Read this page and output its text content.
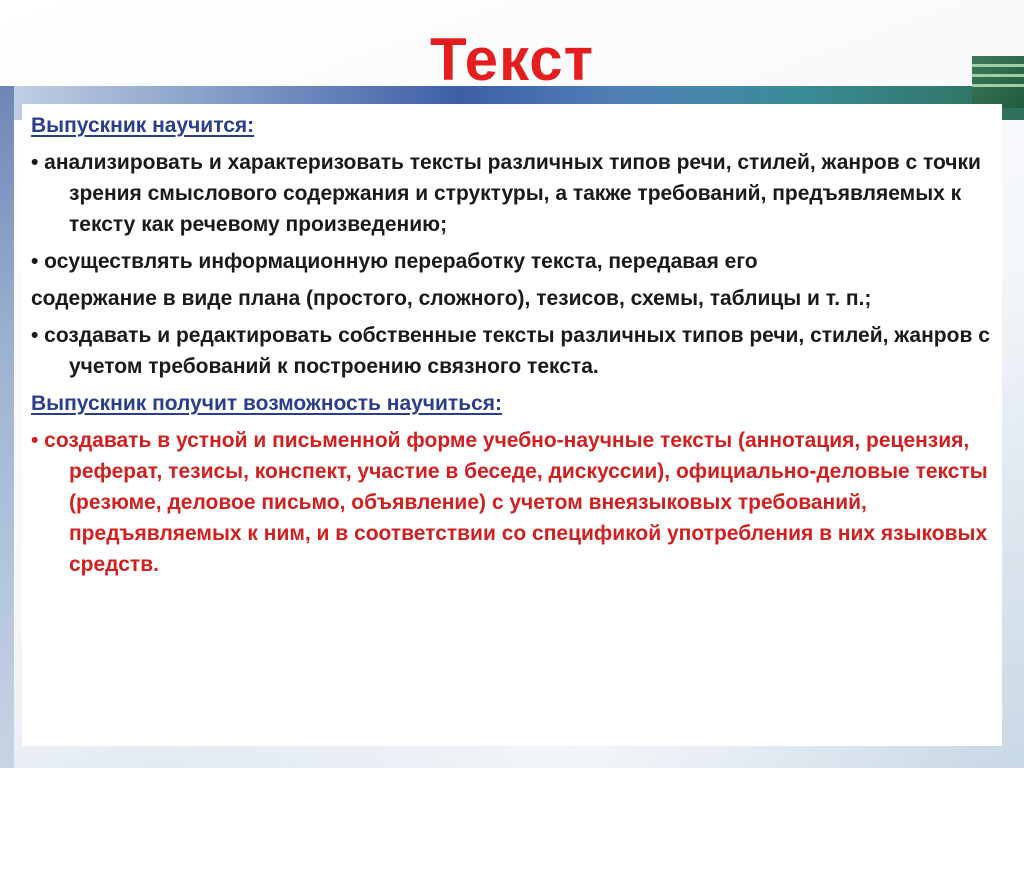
Текст

Выпускник научится:

• анализировать и характеризовать тексты различных типов речи, стилей, жанров с точки зрения смыслового содержания и структуры, а также требований, предъявляемых к тексту как речевому произведению;

• осуществлять информационную переработку текста, передавая его

содержание в виде плана (простого, сложного), тезисов, схемы, таблицы и т. п.;

• создавать и редактировать собственные тексты различных типов речи, стилей, жанров с учетом требований к построению связного текста.

Выпускник получит возможность научиться:

• создавать в устной и письменной форме учебно-научные тексты (аннотация, рецензия, реферат, тезисы, конспект, участие в беседе, дискуссии), официально-деловые тексты (резюме, деловое письмо, объявление) с учетом внеязыковых требований, предъявляемых к ним, и в соответствии со спецификой употребления в них языковых средств.
